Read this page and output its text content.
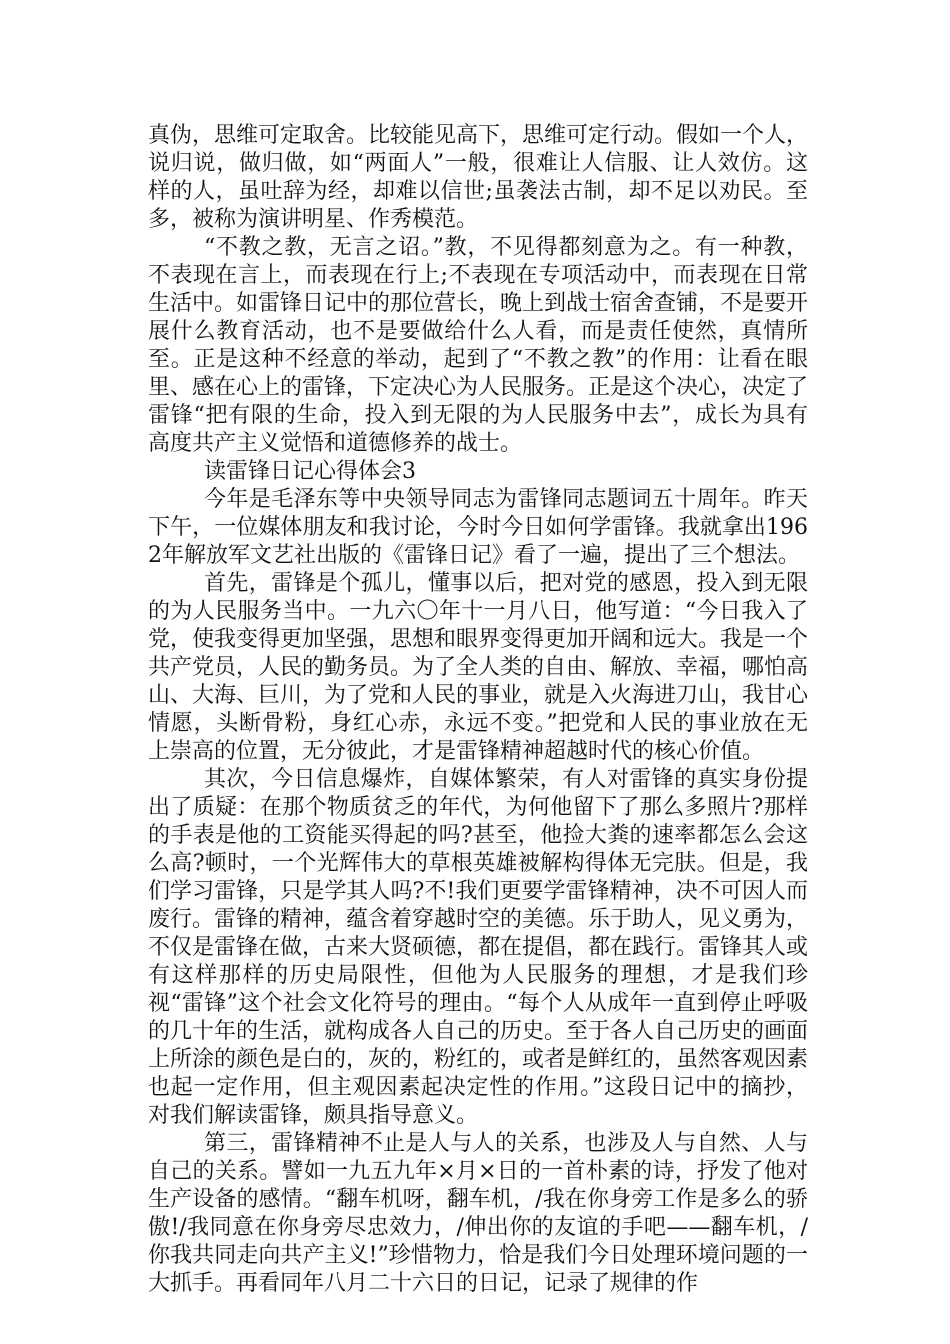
真伪，思维可定取舍。比较能见高下，思维可定行动。假如一个人，说归说，做归做，如“两面人”一般，很难让人信服、让人效仿。这样的人，虽吐辞为经，却难以信世;虽袭法古制，却不足以劝民。至多，被称为演讲明星、作秀模范。

“不教之教，无言之诏。”教，不见得都刻意为之。有一种教，不表现在言上，而表现在行上;不表现在专项活动中，而表现在日常生活中。如雷锋日记中的那位营长，晚上到战士宿舍查铺，不是要开展什么教育活动，也不是要做给什么人看，而是责任使然，真情所至。正是这种不经意的举动，起到了“不教之教”的作用：让看在眼里、感在心上的雷锋，下定决心为人民服务。正是这个决心，决定了雷锋“把有限的生命，投入到无限的为人民服务中去”，成长为具有高度共产主义觉悟和道德修养的战士。

读雷锋日记心得体会3

今年是毛泽东等中央领导同志为雷锋同志题词五十周年。昨天下午，一位媒体朋友和我讨论，今时今日如何学雷锋。我就拿出1962年解放军文艺社出版的《雷锋日记》看了一遍，提出了三个想法。

首先，雷锋是个孤儿，懂事以后，把对党的感恩，投入到无限的为人民服务当中。一九六〇年十一月八日，他写道：“今日我入了党，使我变得更加坚强，思想和眼界变得更加开阔和远大。我是一个共产党员，人民的勤务员。为了全人类的自由、解放、幸福，哪怕高山、大海、巨川，为了党和人民的事业，就是入火海进刀山，我甘心情愿，头断骨粉，身红心赤，永远不变。”把党和人民的事业放在无上崇高的位置，无分彼此，才是雷锋精神超越时代的核心价值。

其次，今日信息爆炸，自媒体繁荣，有人对雷锋的真实身份提出了质疑：在那个物质贫乏的年代，为何他留下了那么多照片?那样的手表是他的工资能买得起的吗?甚至，他捡大粪的速率都怎么会这么高?顿时，一个光辉伟大的草根英雄被解构得体无完肤。但是，我们学习雷锋，只是学其人吗?不!我们更要学雷锋精神，决不可因人而废行。雷锋的精神，蕴含着穿越时空的美德。乐于助人，见义勇为，不仅是雷锋在做，古来大贤硕德，都在提倡，都在践行。雷锋其人或有这样那样的历史局限性，但他为人民服务的理想，才是我们珍视“雷锋”这个社会文化符号的理由。“每个人从成年一直到停止呼吸的几十年的生活，就构成各人自己的历史。至于各人自己历史的画面上所涂的颜色是白的，灰的，粉红的，或者是鲜红的，虽然客观因素也起一定作用，但主观因素起决定性的作用。”这段日记中的摘抄，对我们解读雷锋，颇具指导意义。

第三，雷锋精神不止是人与人的关系，也涉及人与自然、人与自己的关系。譬如一九五九年×月×日的一首朴素的诗，抒发了他对生产设备的感情。“翻车机呀，翻车机，/我在你身旁工作是多么的骄傲!/我同意在你身旁尽忠效力，/伸出你的友谊的手吧——翻车机，/你我共同走向共产主义!”珍惜物力，恰是我们今日处理环境问题的一大抓手。再看同年八月二十六日的日记，记录了规律的作
